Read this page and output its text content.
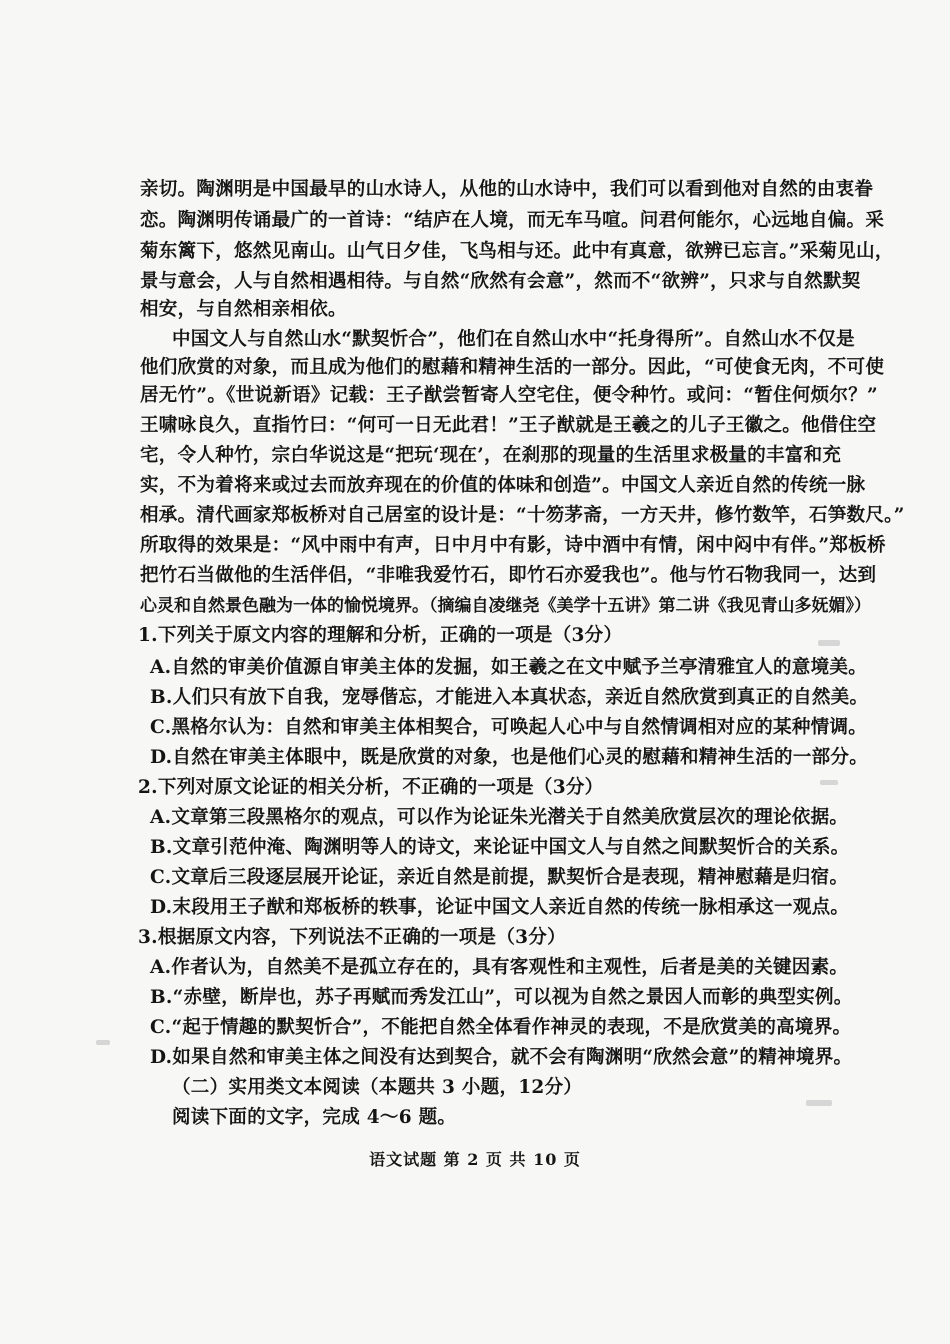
亲切。陶渊明是中国最早的山水诗人，从他的山水诗中，我们可以看到他对自然的由衷眷
恋。陶渊明传诵最广的一首诗：“结庐在人境，而无车马喧。问君何能尔，心远地自偏。采
菊东篱下，悠然见南山。山气日夕佳，飞鸟相与还。此中有真意，欲辨已忘言。”采菊见山，
景与意会，人与自然相遇相待。与自然“欣然有会意”，然而不“欲辨”，只求与自然默契
相安，与自然相亲相依。
中国文人与自然山水“默契忻合”，他们在自然山水中“托身得所”。自然山水不仅是
他们欣赏的对象，而且成为他们的慰藉和精神生活的一部分。因此，“可使食无肉，不可使
居无竹”。《世说新语》记载：王子猷尝暂寄人空宅住，便令种竹。或问：“暂住何烦尔？”
王啸咏良久，直指竹曰：“何可一日无此君！”王子猷就是王羲之的儿子王徽之。他借住空
宅，令人种竹，宗白华说这是“把玩‘现在’，在刹那的现量的生活里求极量的丰富和充
实，不为着将来或过去而放弃现在的价值的体味和创造”。中国文人亲近自然的传统一脉
相承。清代画家郑板桥对自己居室的设计是：“十笏茅斋，一方天井，修竹数竿，石笋数尺。”
所取得的效果是：“风中雨中有声，日中月中有影，诗中酒中有情，闲中闷中有伴。”郑板桥
把竹石当做他的生活伴侣，“非唯我爱竹石，即竹石亦爱我也”。他与竹石物我同一，达到
心灵和自然景色融为一体的愉悦境界。（摘编自凌继尧《美学十五讲》第二讲《我见青山多妩媚》）
1.下列关于原文内容的理解和分析，正确的一项是（3分）
A.自然的审美价值源自审美主体的发掘，如王羲之在文中赋予兰亭清雅宜人的意境美。
B.人们只有放下自我，宠辱偕忘，才能进入本真状态，亲近自然欣赏到真正的自然美。
C.黑格尔认为：自然和审美主体相契合，可唤起人心中与自然情调相对应的某种情调。
D.自然在审美主体眼中，既是欣赏的对象，也是他们心灵的慰藉和精神生活的一部分。
2.下列对原文论证的相关分析，不正确的一项是（3分）
A.文章第三段黑格尔的观点，可以作为论证朱光潜关于自然美欣赏层次的理论依据。
B.文章引范仲淹、陶渊明等人的诗文，来论证中国文人与自然之间默契忻合的关系。
C.文章后三段逐层展开论证，亲近自然是前提，默契忻合是表现，精神慰藉是归宿。
D.末段用王子猷和郑板桥的轶事，论证中国文人亲近自然的传统一脉相承这一观点。
3.根据原文内容，下列说法不正确的一项是（3分）
A.作者认为，自然美不是孤立存在的，具有客观性和主观性，后者是美的关键因素。
B.“赤壁，断岸也，苏子再赋而秀发江山”，可以视为自然之景因人而彰的典型实例。
C.“起于情趣的默契忻合”，不能把自然全体看作神灵的表现，不是欣赏美的高境界。
D.如果自然和审美主体之间没有达到契合，就不会有陶渊明“欣然会意”的精神境界。
（二）实用类文本阅读（本题共 3 小题，12分）
阅读下面的文字，完成 4～6 题。
语文试题 第 2 页 共 10 页
